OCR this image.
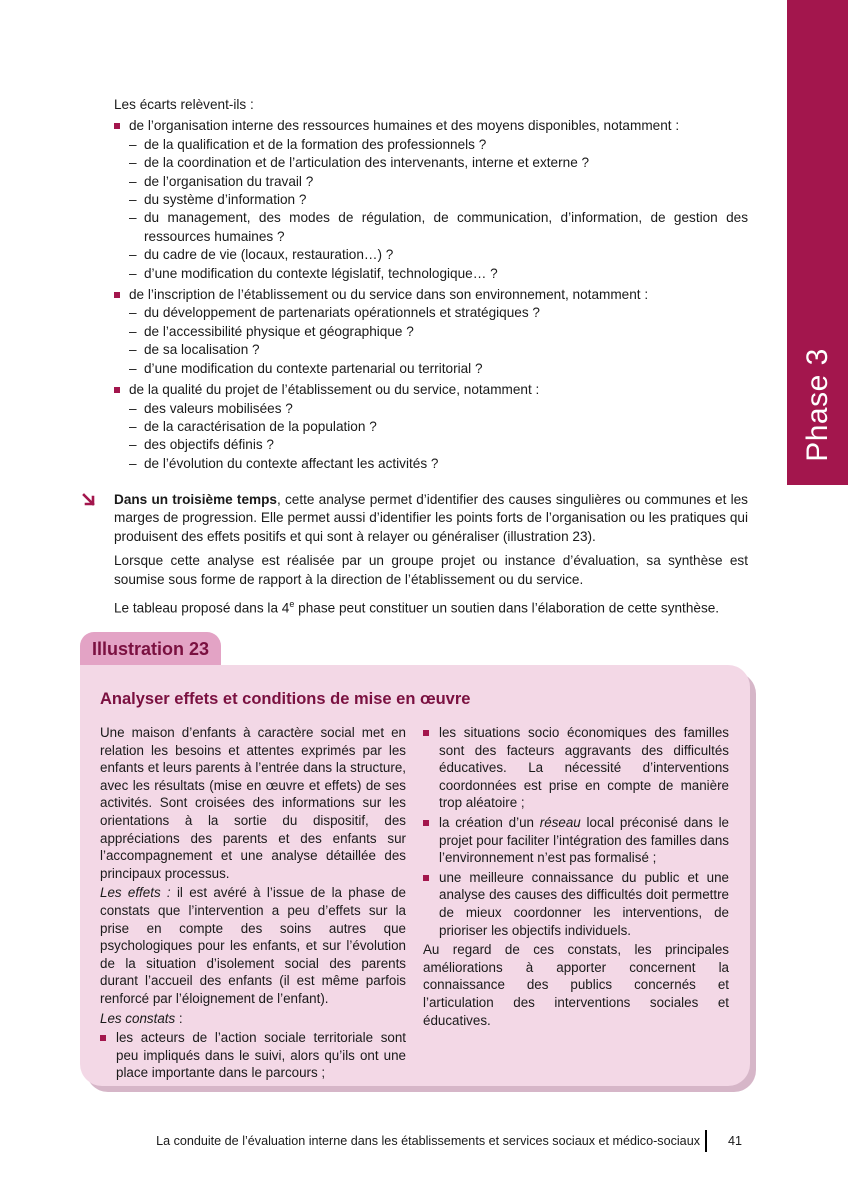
Phase 3

Les écarts relèvent-ils :

de l’organisation interne des ressources humaines et des moyens disponibles, notamment :

– de la qualification et de la formation des professionnels ?

– de la coordination et de l’articulation des intervenants, interne et externe ?

– de l’organisation du travail ?

– du système d’information ?

– du management, des modes de régulation, de communication, d’information, de gestion des ressources humaines ?

– du cadre de vie (locaux, restauration…) ?

– d’une modification du contexte législatif, technologique… ?

de l’inscription de l’établissement ou du service dans son environnement, notamment :

– du développement de partenariats opérationnels et stratégiques ?

– de l’accessibilité physique et géographique ?

– de sa localisation ?

– d’une modification du contexte partenarial ou territorial ?

de la qualité du projet de l’établissement ou du service, notamment :

– des valeurs mobilisées ?

– de la caractérisation de la population ?

– des objectifs définis ?

– de l’évolution du contexte affectant les activités ?

Dans un troisième temps, cette analyse permet d’identifier des causes singulières ou communes et les marges de progression. Elle permet aussi d’identifier les points forts de l’organisation ou les pratiques qui produisent des effets positifs et qui sont à relayer ou généraliser (illustration 23).

Lorsque cette analyse est réalisée par un groupe projet ou instance d’évaluation, sa synthèse est soumise sous forme de rapport à la direction de l’établissement ou du service.

Le tableau proposé dans la 4e phase peut constituer un soutien dans l’élaboration de cette synthèse.

Illustration 23
Analyser effets et conditions de mise en œuvre

Une maison d’enfants à caractère social met en relation les besoins et attentes exprimés par les enfants et leurs parents à l’entrée dans la structure, avec les résultats (mise en œuvre et effets) de ses activités. Sont croisées des informations sur les orientations à la sortie du dispositif, des appréciations des parents et des enfants sur l’accompagnement et une analyse détaillée des principaux processus.

Les effets : il est avéré à l’issue de la phase de constats que l’intervention a peu d’effets sur la prise en compte des soins autres que psychologiques pour les enfants, et sur l’évolution de la situation d’isolement social des parents durant l’accueil des enfants (il est même parfois renforcé par l’éloignement de l’enfant).

Les constats :

les acteurs de l’action sociale territoriale sont peu impliqués dans le suivi, alors qu’ils ont une place importante dans le parcours ;

les situations socio économiques des familles sont des facteurs aggravants des difficultés éducatives. La nécessité d’interventions coordonnées est prise en compte de manière trop aléatoire ;

la création d’un réseau local préconisé dans le projet pour faciliter l’intégration des familles dans l’environnement n’est pas formalisé ;

une meilleure connaissance du public et une analyse des causes des difficultés doit permettre de mieux coordonner les interventions, de prioriser les objectifs individuels.

Au regard de ces constats, les principales améliorations à apporter concernent la connaissance des publics concernés et l’articulation des interventions sociales et éducatives.

La conduite de l’évaluation interne dans les établissements et services sociaux et médico-sociaux 41
